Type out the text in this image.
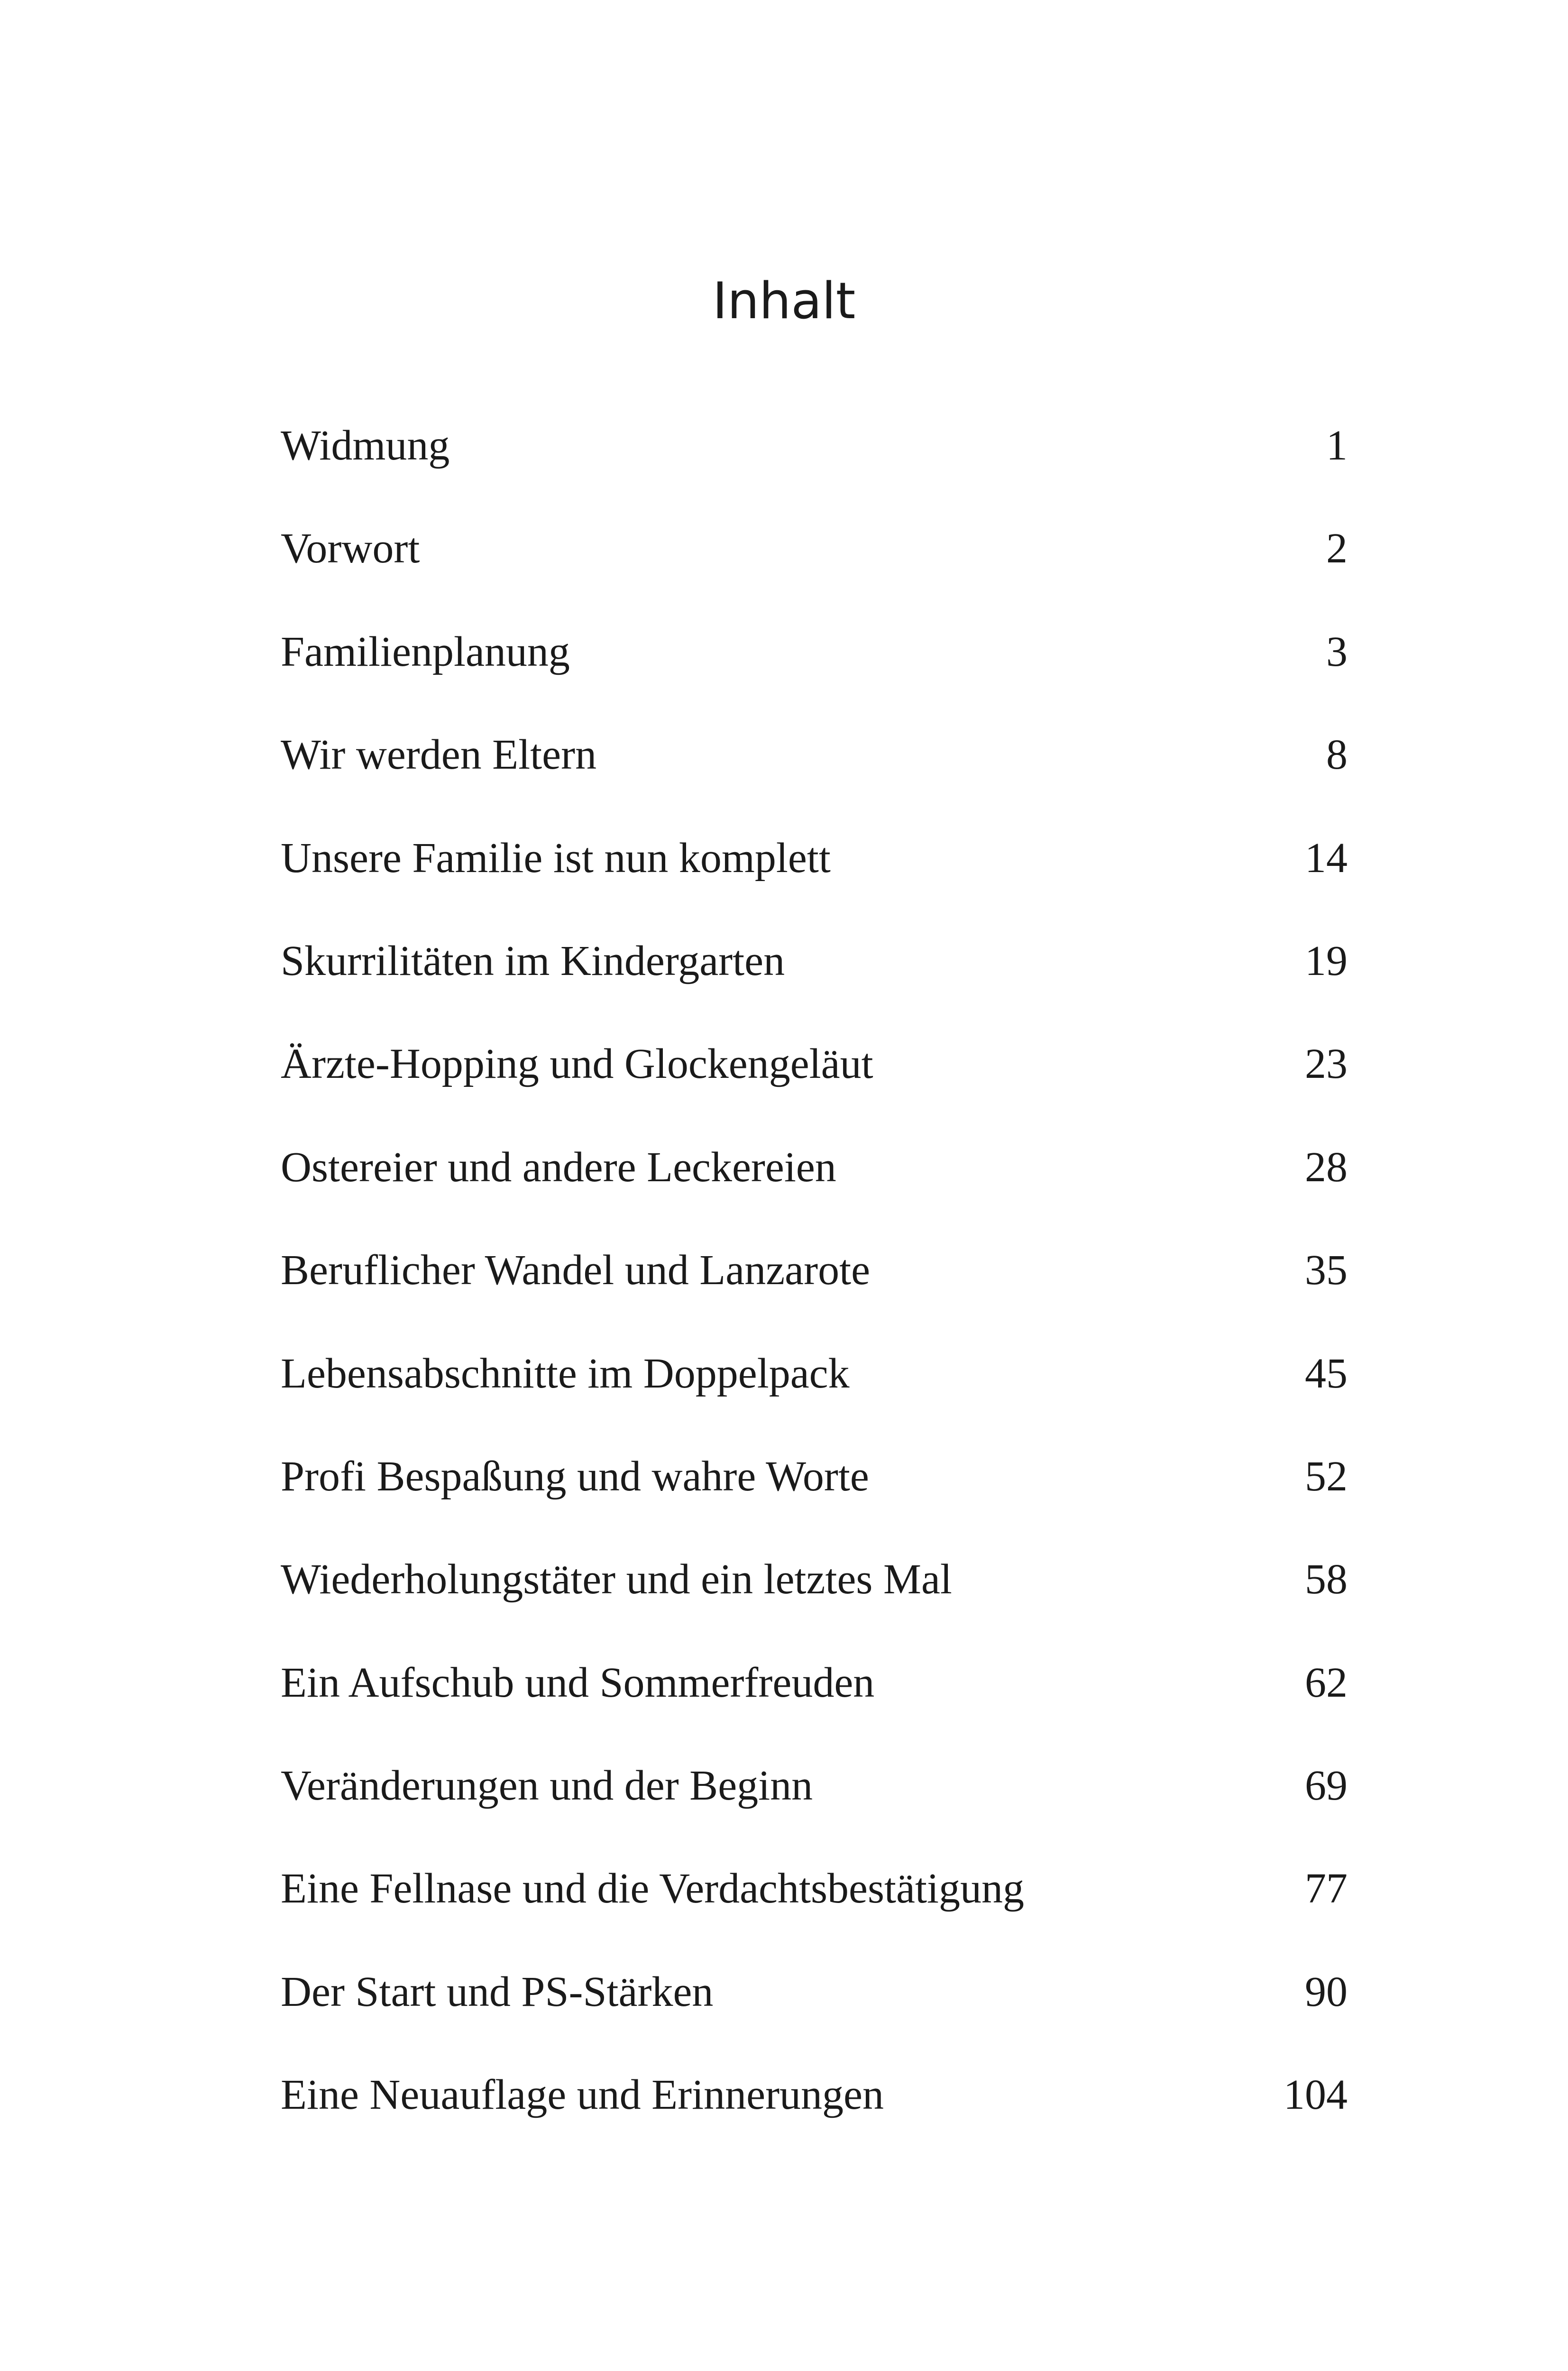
Inhalt
Widmung	1
Vorwort	2
Familienplanung	3
Wir werden Eltern	8
Unsere Familie ist nun komplett	14
Skurrilitäten im Kindergarten	19
Ärzte-Hopping und Glockengeläut	23
Ostereier und andere Leckereien	28
Beruflicher Wandel und Lanzarote	35
Lebensabschnitte im Doppelpack	45
Profi Bespaßung und wahre Worte	52
Wiederholungstäter und ein letztes Mal	58
Ein Aufschub und Sommerfreuden	62
Veränderungen und der Beginn	69
Eine Fellnase und die Verdachtsbestätigung	77
Der Start und PS-Stärken	90
Eine Neuauflage und Erinnerungen	104
